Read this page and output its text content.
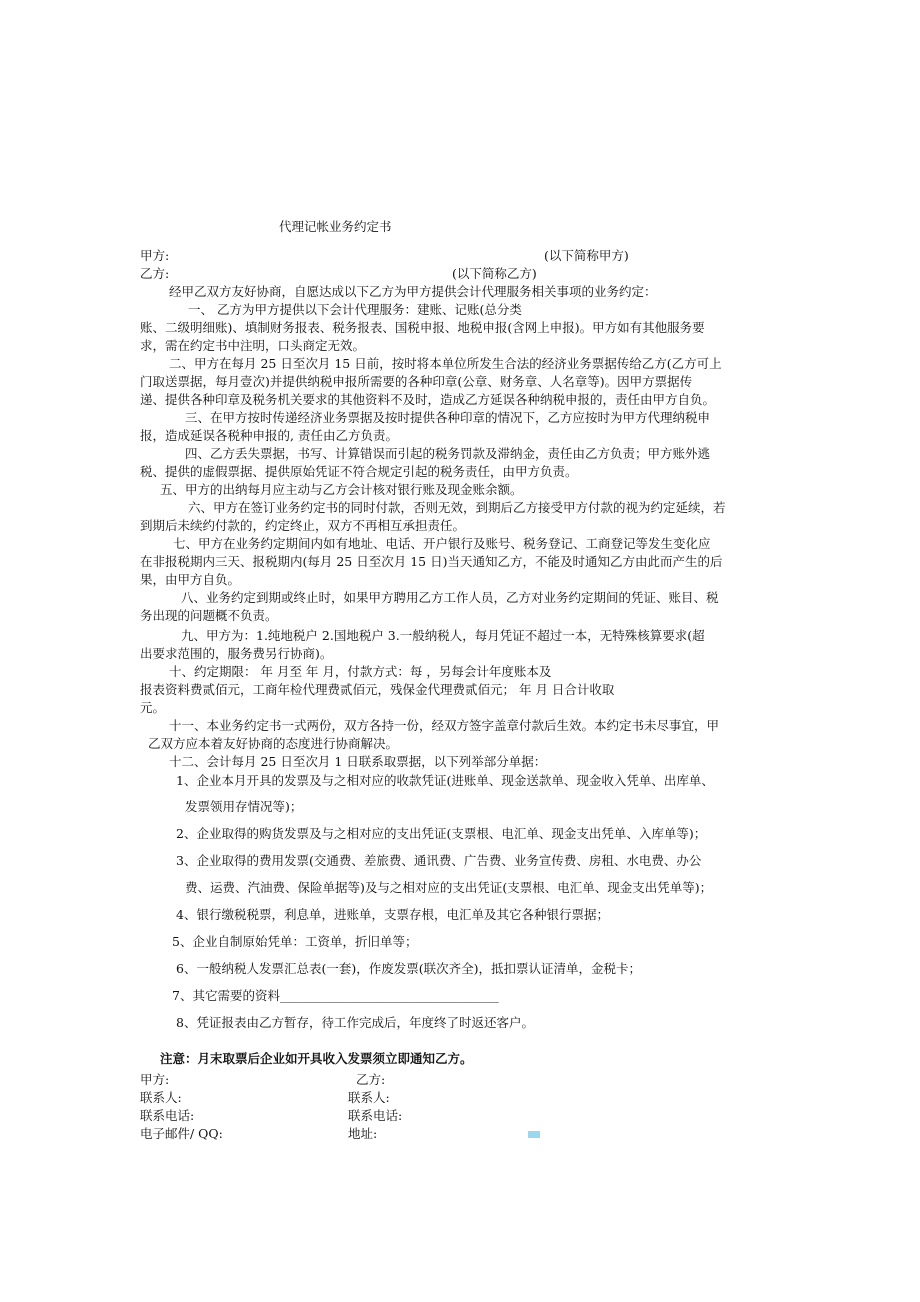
代理记帐业务约定书
甲方:	(以下简称甲方)
乙方:	(以下简称乙方)
经甲乙双方友好协商，自愿达成以下乙方为甲方提供会计代理服务相关事项的业务约定：
一、 乙方为甲方提供以下会计代理服务：建账、记账(总分类
账、二级明细账)、填制财务报表、税务报表、国税申报、地税申报(含网上申报)。甲方如有其他服务要
求，需在约定书中注明，口头商定无效。
二、甲方在每月 25 日至次月 15 日前，按时将本单位所发生合法的经济业务票据传给乙方(乙方可上
门取送票据，每月壹次)并提供纳税申报所需要的各种印章(公章、财务章、人名章等)。因甲方票据传
递、提供各种印章及税务机关要求的其他资料不及时，造成乙方延误各种纳税申报的，责任由甲方自负。
三、在甲方按时传递经济业务票据及按时提供各种印章的情况下，乙方应按时为甲方代理纳税申
报，造成延误各税种申报的, 责任由乙方负责。
四、乙方丢失票据，书写、计算错误而引起的税务罚款及滞纳金，责任由乙方负责；甲方账外逃
税、提供的虚假票据、提供原始凭证不符合规定引起的税务责任，由甲方负责。
五、甲方的出纳每月应主动与乙方会计核对银行账及现金账余额。
六、甲方在签订业务约定书的同时付款，否则无效，到期后乙方接受甲方付款的视为约定延续，若
到期后未续约付款的，约定终止，双方不再相互承担责任。
七、甲方在业务约定期间内如有地址、电话、开户银行及账号、税务登记、工商登记等发生变化应
在非报税期内三天、报税期内(每月 25 日至次月 15 日)当天通知乙方，不能及时通知乙方由此而产生的后
果，由甲方自负。
八、业务约定到期或终止时，如果甲方聘用乙方工作人员，乙方对业务约定期间的凭证、账目、税
务出现的问题概不负责。
九、甲方为：1.纯地税户 2.国地税户 3.一般纳税人，每月凭证不超过一本，无特殊核算要求(超
出要求范围的，服务费另行协商)。
十、约定期限： 年 月至 年 月，付款方式：每 ，另每会计年度账本及
报表资料费贰佰元，工商年检代理费贰佰元，残保金代理费贰佰元； 年 月 日合计收取
元。
十一、本业务约定书一式两份，双方各持一份，经双方签字盖章付款后生效。本约定书未尽事宜，甲
乙双方应本着友好协商的态度进行协商解决。
十二、会计每月 25 日至次月 1 日联系取票据，以下列举部分单据：
1、企业本月开具的发票及与之相对应的收款凭证(进账单、现金送款单、现金收入凭单、出库单、
发票领用存情况等)；
2、企业取得的购货发票及与之相对应的支出凭证(支票根、电汇单、现金支出凭单、入库单等)；
3、企业取得的费用发票(交通费、差旅费、通讯费、广告费、业务宣传费、房租、水电费、办公
费、运费、汽油费、保险单据等)及与之相对应的支出凭证(支票根、电汇单、现金支出凭单等)；
4、银行缴税税票，利息单，进账单，支票存根，电汇单及其它各种银行票据；
5、企业自制原始凭单：工资单，折旧单等；
6、一般纳税人发票汇总表(一套)，作废发票(联次齐全)，抵扣票认证清单，金税卡；
7、其它需要的资料___________________________________
8、凭证报表由乙方暂存，待工作完成后，年度终了时返还客户。
注意：月末取票后企业如开具收入发票须立即通知乙方。
甲方:	乙方:
联系人:	联系人:
联系电话:	联系电话:
电子邮件/ QQ:	地址:
